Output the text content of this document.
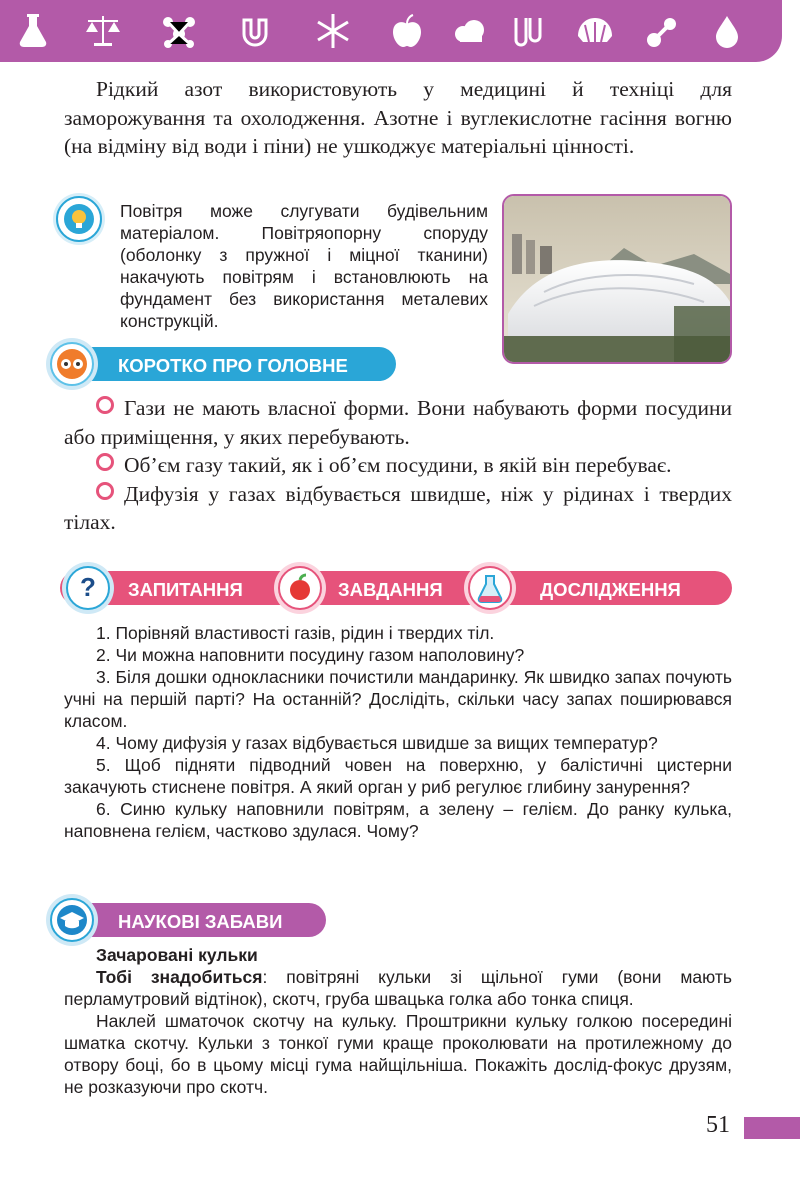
Рідкий азот використовують у медицині й техніці для заморожування та охолодження. Азотне і вуглекислотне гасіння вогню (на відміну від води і піни) не ушкоджує матеріальні цінності.

Повітря може слугувати будівельним матеріалом. Повітряопорну споруду (оболонку з пружної і міцної тканини) накачують повітрям і встановлюють на фундамент без використання металевих конструкцій.

КОРОТКО ПРО ГОЛОВНЕ

Гази не мають власної форми. Вони набувають форми посудини або приміщення, у яких перебувають.

Об’єм газу такий, як і об’єм посудини, в якій він перебуває.

Дифузія у газах відбувається швидше, ніж у рідинах і твердих тілах.

ЗАПИТАННЯ	ЗАВДАННЯ	ДОСЛІДЖЕННЯ
?

1. Порівняй властивості газів, рідин і твердих тіл.

2. Чи можна наповнити посудину газом наполовину?

3. Біля дошки однокласники почистили мандаринку. Як швидко запах почують учні на першій парті? На останній? Дослідіть, скільки часу запах поширювався класом.

4. Чому дифузія у газах відбувається швидше за вищих температур?

5. Щоб підняти підводний човен на поверхню, у балістичні цистерни закачують стиснене повітря. А який орган у риб регулює глибину занурення?

6. Синю кульку наповнили повітрям, а зелену – гелієм. До ранку кулька, наповнена гелієм, частково здулася. Чому?

НАУКОВІ ЗАБАВИ

Зачаровані кульки

Тобі знадобиться: повітряні кульки зі щільної гуми (вони мають перламутровий відтінок), скотч, груба швацька голка або тонка спиця.

Наклей шматочок скотчу на кульку. Проштрикни кульку голкою посередині шматка скотчу. Кульки з тонкої гуми краще проколювати на протилежному до отвору боці, бо в цьому місці гума найщільніша. Покажіть дослід-фокус друзям, не розказуючи про скотч.

51
